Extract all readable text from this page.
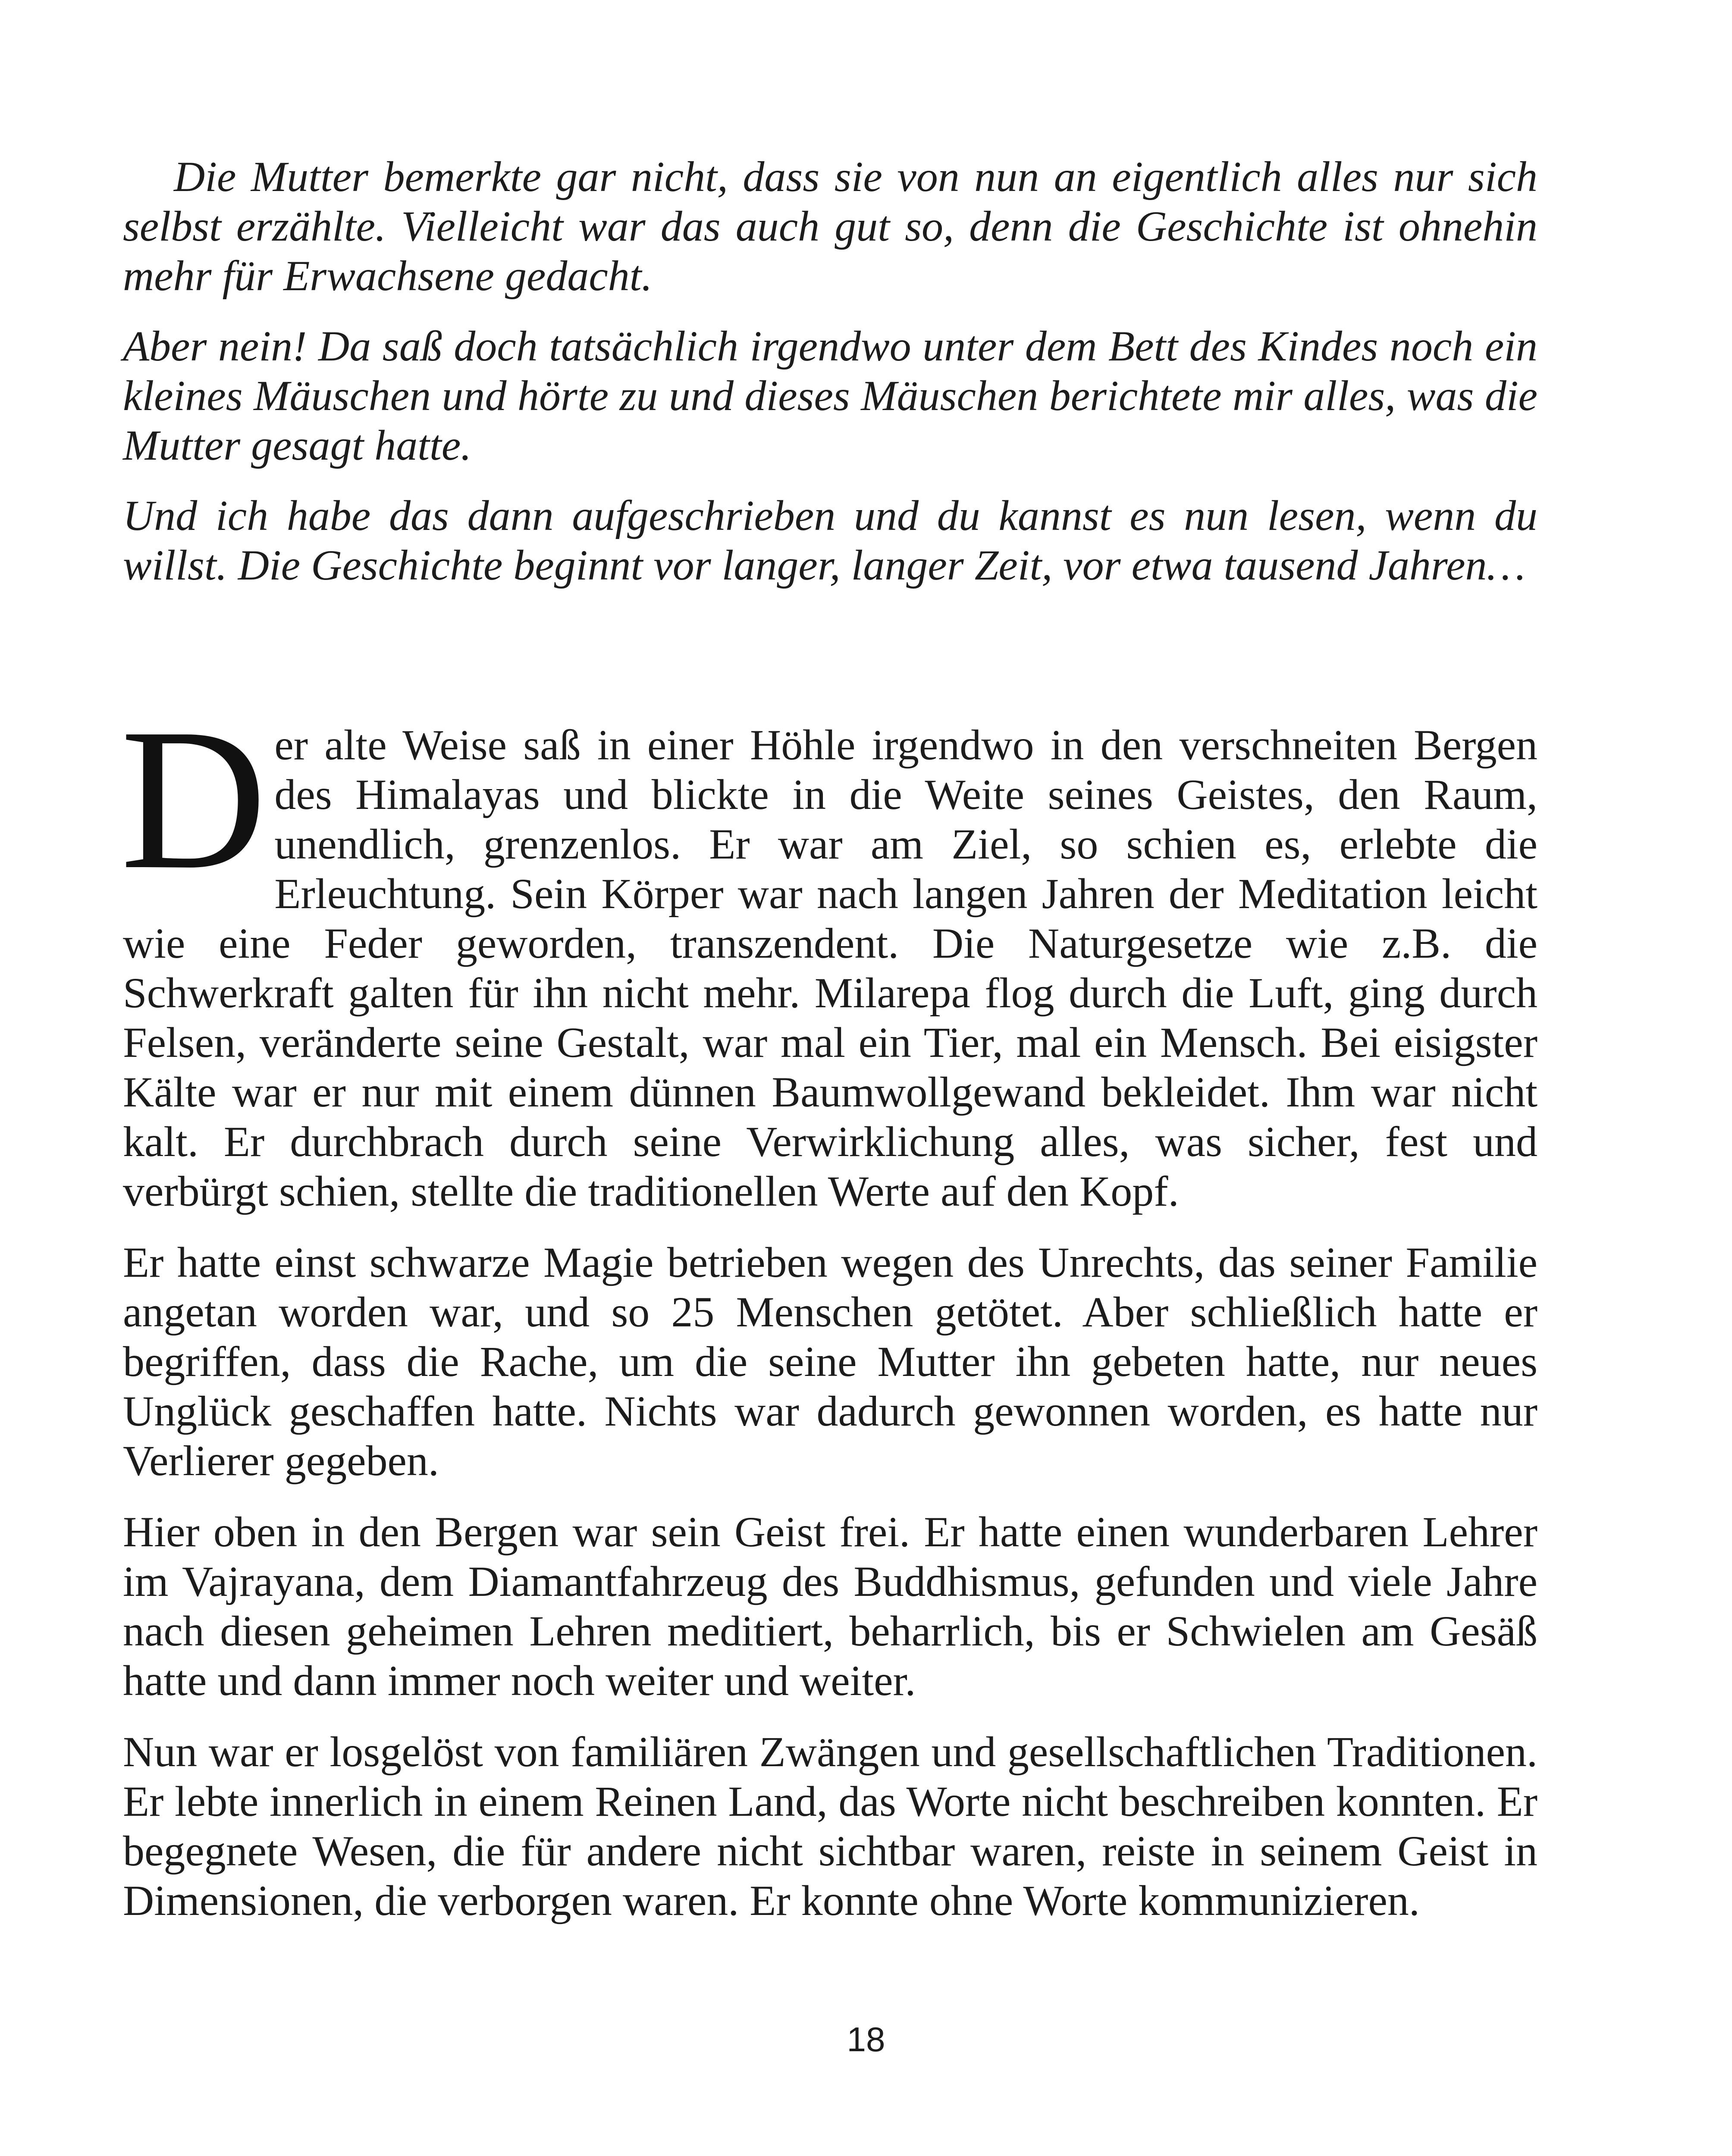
Die Mutter bemerkte gar nicht, dass sie von nun an eigentlich alles nur sich selbst erzählte. Vielleicht war das auch gut so, denn die Geschichte ist ohnehin mehr für Erwachsene gedacht.

Aber nein! Da saß doch tatsächlich irgendwo unter dem Bett des Kindes noch ein kleines Mäuschen und hörte zu und dieses Mäuschen berichtete mir alles, was die Mutter gesagt hatte.

Und ich habe das dann aufgeschrieben und du kannst es nun lesen, wenn du willst. Die Geschichte beginnt vor langer, langer Zeit, vor etwa tausend Jahren…

Der alte Weise saß in einer Höhle irgendwo in den verschneiten Bergen des Himalayas und blickte in die Weite seines Geistes, den Raum, unendlich, grenzenlos. Er war am Ziel, so schien es, erlebte die Erleuchtung. Sein Körper war nach langen Jahren der Meditation leicht wie eine Feder geworden, transzendent. Die Naturgesetze wie z.B. die Schwerkraft galten für ihn nicht mehr. Milarepa flog durch die Luft, ging durch Felsen, veränderte seine Gestalt, war mal ein Tier, mal ein Mensch. Bei eisigster Kälte war er nur mit einem dünnen Baumwollgewand bekleidet. Ihm war nicht kalt. Er durchbrach durch seine Verwirklichung alles, was sicher, fest und verbürgt schien, stellte die traditionellen Werte auf den Kopf.

Er hatte einst schwarze Magie betrieben wegen des Unrechts, das seiner Familie angetan worden war, und so 25 Menschen getötet. Aber schließlich hatte er begriffen, dass die Rache, um die seine Mutter ihn gebeten hatte, nur neues Unglück geschaffen hatte. Nichts war dadurch gewonnen worden, es hatte nur Verlierer gegeben.

Hier oben in den Bergen war sein Geist frei. Er hatte einen wunderbaren Lehrer im Vajrayana, dem Diamantfahrzeug des Buddhismus, gefunden und viele Jahre nach diesen geheimen Lehren meditiert, beharrlich, bis er Schwielen am Gesäß hatte und dann immer noch weiter und weiter.

Nun war er losgelöst von familiären Zwängen und gesellschaftlichen Traditionen. Er lebte innerlich in einem Reinen Land, das Worte nicht beschreiben konnten. Er begegnete Wesen, die für andere nicht sichtbar waren, reiste in seinem Geist in Dimensionen, die verborgen waren. Er konnte ohne Worte kommunizieren.

18
